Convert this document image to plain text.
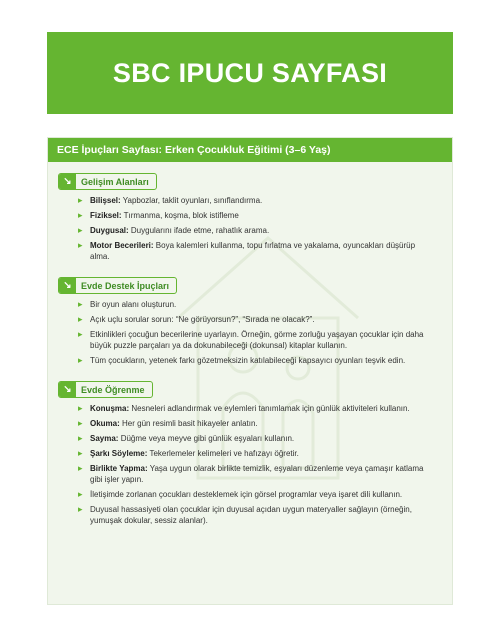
SBC IPUCU SAYFASI
ECE İpuçları Sayfası: Erken Çocukluk Eğitimi (3–6 Yaş)
↘	Gelişim Alanları
▸ Bilişsel: Yapbozlar, taklit oyunları, sınıflandırma.
▸ Fiziksel: Tırmanma, koşma, blok istifleme
▸ Duygusal: Duygularını ifade etme, rahatlık arama.
▸ Motor Becerileri: Boya kalemleri kullanma, topu fırlatma ve yakalama, oyuncakları düşürüp alma.
↘	Evde Destek İpuçları
▸ Bir oyun alanı oluşturun.
▸ Açık uçlu sorular sorun: “Ne görüyorsun?”, “Sırada ne olacak?”.
▸ Etkinlikleri çocuğun becerilerine uyarlayın. Örneğin, görme zorluğu yaşayan çocuklar için daha büyük puzzle parçaları ya da dokunabileceği (dokunsal) kitaplar kullanın.
▸ Tüm çocukların, yetenek farkı gözetmeksizin katılabileceği kapsayıcı oyunları teşvik edin.
↘	Evde Öğrenme
▸ Konuşma: Nesneleri adlandırmak ve eylemleri tanımlamak için günlük aktiviteleri kullanın.
▸ Okuma: Her gün resimli basit hikayeler anlatın.
▸ Sayma: Düğme veya meyve gibi günlük eşyaları kullanın.
▸ Şarkı Söyleme: Tekerlemeler kelimeleri ve hafızayı öğretir.
▸ Birlikte Yapma: Yaşa uygun olarak birlikte temizlik, eşyaları düzenleme veya çamaşır katlama gibi işler yapın.
▸ İletişimde zorlanan çocukları desteklemek için görsel programlar veya işaret dili kullanın.
▸ Duyusal hassasiyeti olan çocuklar için duyusal açıdan uygun materyaller sağlayın (örneğin, yumuşak dokular, sessiz alanlar).
